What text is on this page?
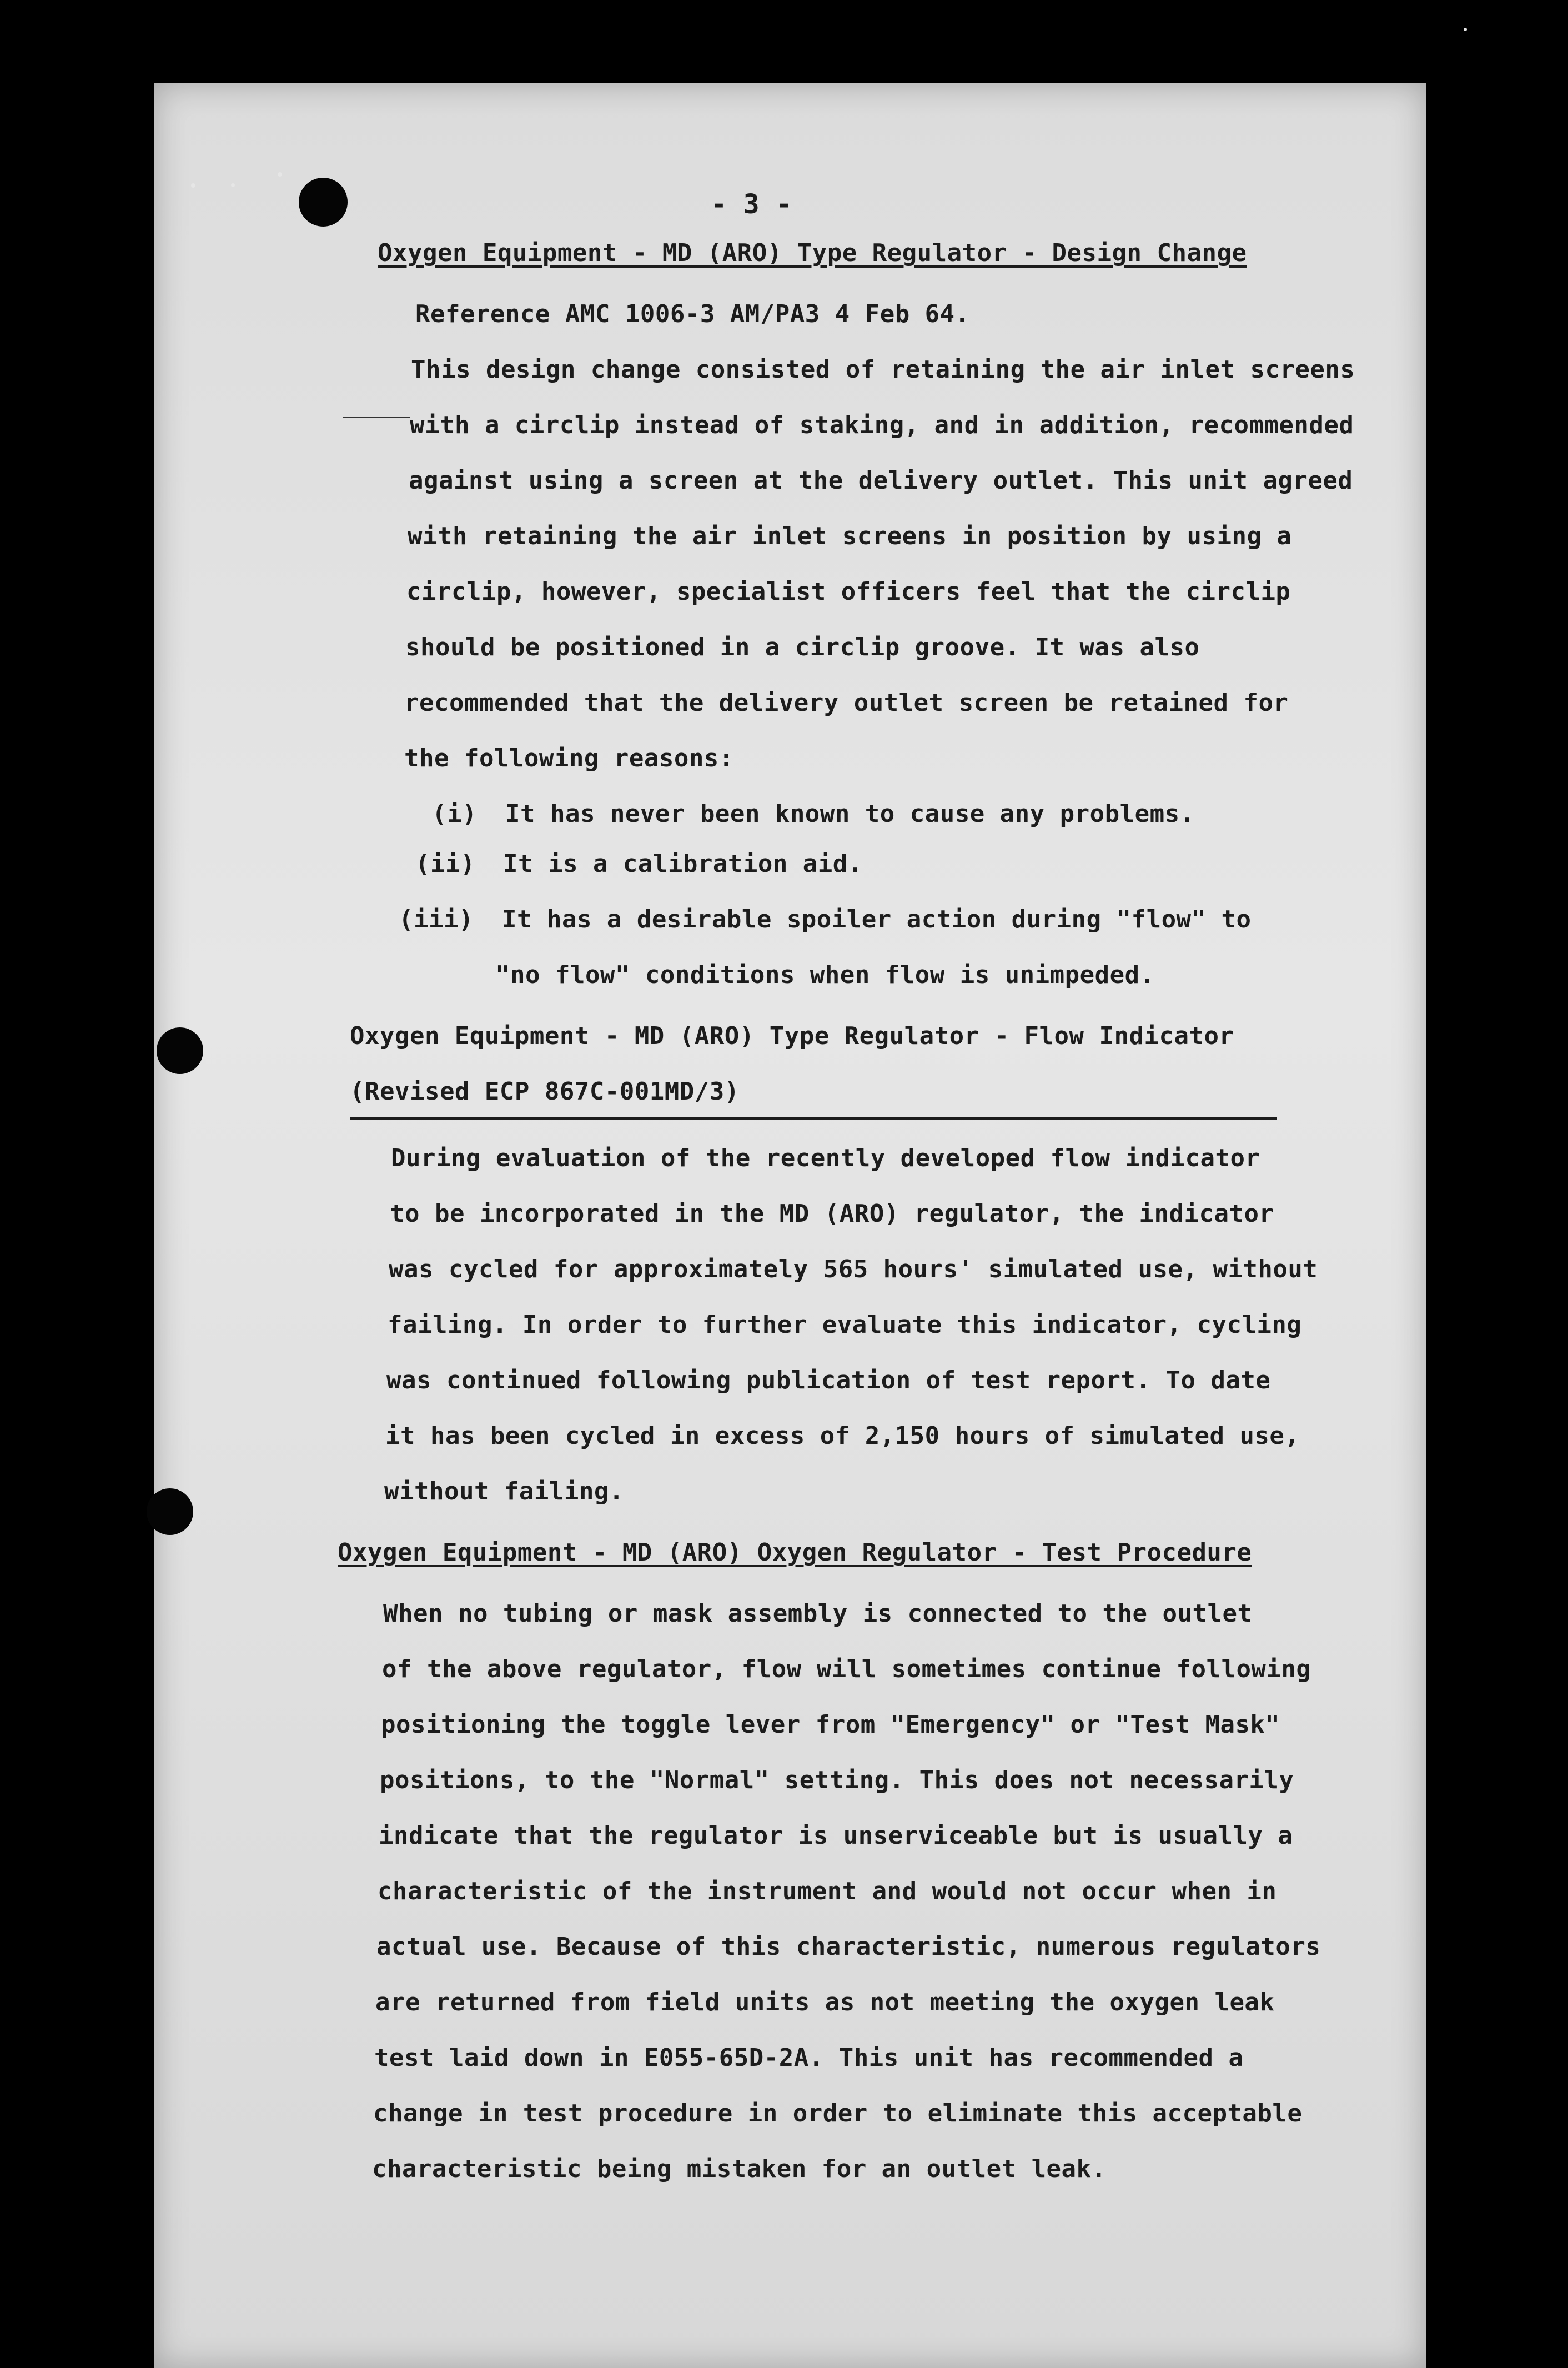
- 3 -
Oxygen Equipment - MD (ARO) Type Regulator - Design Change
Reference AMC 1006-3 AM/PA3 4 Feb 64.
This design change consisted of retaining the air inlet screens
with a circlip instead of staking, and in addition, recommended
against using a screen at the delivery outlet. This unit agreed
with retaining the air inlet screens in position by using a
circlip, however, specialist officers feel that the circlip
should be positioned in a circlip groove. It was also
recommended that the delivery outlet screen be retained for
the following reasons:
(i) It has never been known to cause any problems.
(ii) It is a calibration aid.
(iii) It has a desirable spoiler action during "flow" to
"no flow" conditions when flow is unimpeded.
Oxygen Equipment - MD (ARO) Type Regulator - Flow Indicator
(Revised ECP 867C-001MD/3)
During evaluation of the recently developed flow indicator
to be incorporated in the MD (ARO) regulator, the indicator
was cycled for approximately 565 hours' simulated use, without
failing. In order to further evaluate this indicator, cycling
was continued following publication of test report. To date
it has been cycled in excess of 2,150 hours of simulated use,
without failing.
Oxygen Equipment - MD (ARO) Oxygen Regulator - Test Procedure
When no tubing or mask assembly is connected to the outlet
of the above regulator, flow will sometimes continue following
positioning the toggle lever from "Emergency" or "Test Mask"
positions, to the "Normal" setting. This does not necessarily
indicate that the regulator is unserviceable but is usually a
characteristic of the instrument and would not occur when in
actual use. Because of this characteristic, numerous regulators
are returned from field units as not meeting the oxygen leak
test laid down in E055-65D-2A. This unit has recommended a
change in test procedure in order to eliminate this acceptable
characteristic being mistaken for an outlet leak.
